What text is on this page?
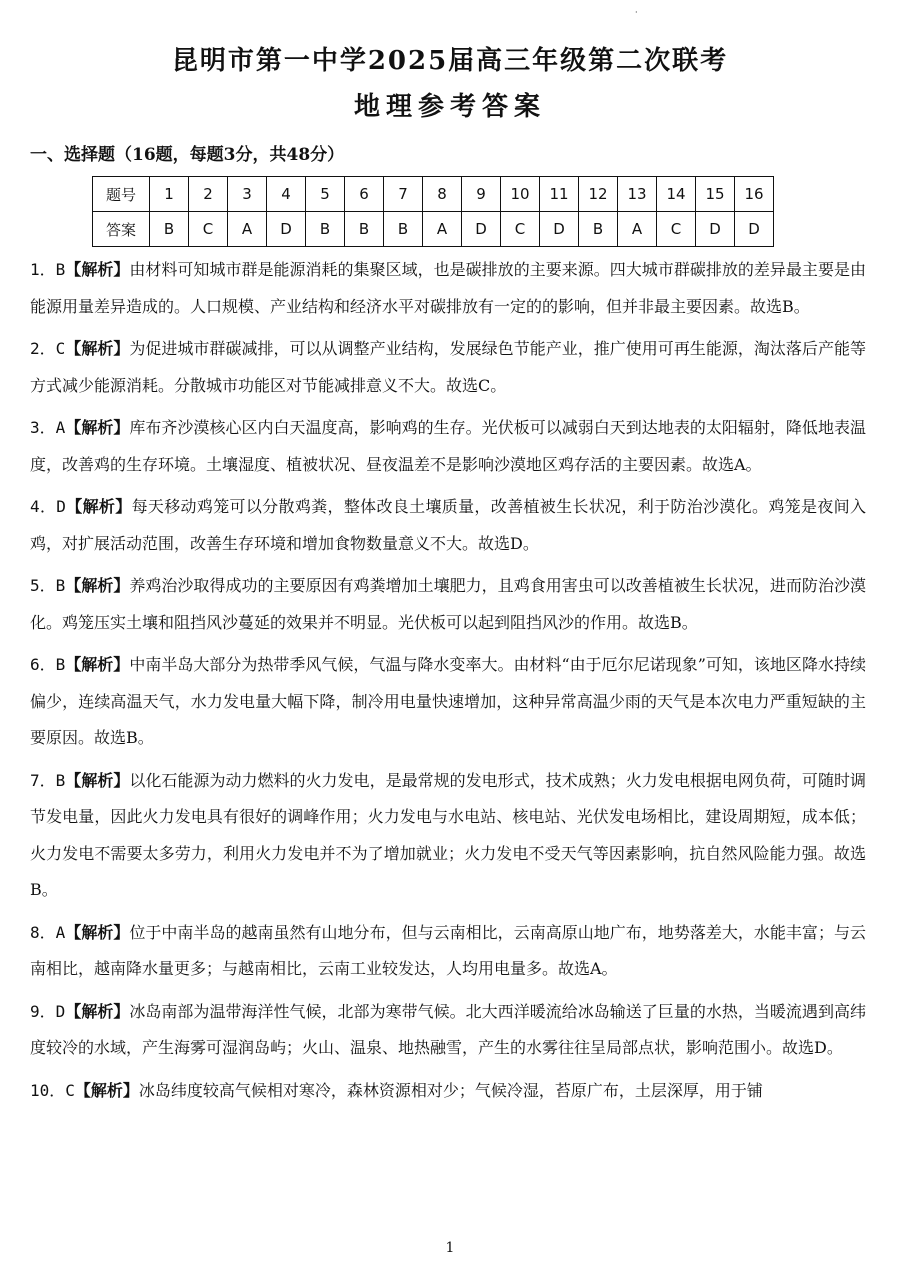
·
昆明市第一中学2025届高三年级第二次联考
地理参考答案
一、选择题（16题，每题3分，共48分）
题号	1	2	3	4	5	6	7	8	9	10	11	12	13	14	15	16
答案	B	C	A	D	B	B	B	A	D	C	D	B	A	C	D	D
1．B【解析】由材料可知城市群是能源消耗的集聚区域，也是碳排放的主要来源。四大城市群碳排放的差异最主要是由能源用量差异造成的。人口规模、产业结构和经济水平对碳排放有一定的的影响，但并非最主要因素。故选B。
2．C【解析】为促进城市群碳减排，可以从调整产业结构，发展绿色节能产业，推广使用可再生能源，淘汰落后产能等方式减少能源消耗。分散城市功能区对节能减排意义不大。故选C。
3．A【解析】库布齐沙漠核心区内白天温度高，影响鸡的生存。光伏板可以减弱白天到达地表的太阳辐射，降低地表温度，改善鸡的生存环境。土壤湿度、植被状况、昼夜温差不是影响沙漠地区鸡存活的主要因素。故选A。
4．D【解析】每天移动鸡笼可以分散鸡粪，整体改良土壤质量，改善植被生长状况，利于防治沙漠化。鸡笼是夜间入鸡，对扩展活动范围，改善生存环境和增加食物数量意义不大。故选D。
5．B【解析】养鸡治沙取得成功的主要原因有鸡粪增加土壤肥力，且鸡食用害虫可以改善植被生长状况，进而防治沙漠化。鸡笼压实土壤和阻挡风沙蔓延的效果并不明显。光伏板可以起到阻挡风沙的作用。故选B。
6．B【解析】中南半岛大部分为热带季风气候，气温与降水变率大。由材料“由于厄尔尼诺现象”可知，该地区降水持续偏少，连续高温天气，水力发电量大幅下降，制冷用电量快速增加，这种异常高温少雨的天气是本次电力严重短缺的主要原因。故选B。
7．B【解析】以化石能源为动力燃料的火力发电，是最常规的发电形式，技术成熟；火力发电根据电网负荷，可随时调节发电量，因此火力发电具有很好的调峰作用；火力发电与水电站、核电站、光伏发电场相比，建设周期短，成本低；火力发电不需要太多劳力，利用火力发电并不为了增加就业；火力发电不受天气等因素影响，抗自然风险能力强。故选B。
8．A【解析】位于中南半岛的越南虽然有山地分布，但与云南相比，云南高原山地广布，地势落差大，水能丰富；与云南相比，越南降水量更多；与越南相比，云南工业较发达，人均用电量多。故选A。
9．D【解析】冰岛南部为温带海洋性气候，北部为寒带气候。北大西洋暖流给冰岛输送了巨量的水热，当暖流遇到高纬度较冷的水域，产生海雾可湿润岛屿；火山、温泉、地热融雪，产生的水雾往往呈局部点状，影响范围小。故选D。
10．C【解析】冰岛纬度较高气候相对寒冷，森林资源相对少；气候冷湿，苔原广布，土层深厚，用于铺
1
